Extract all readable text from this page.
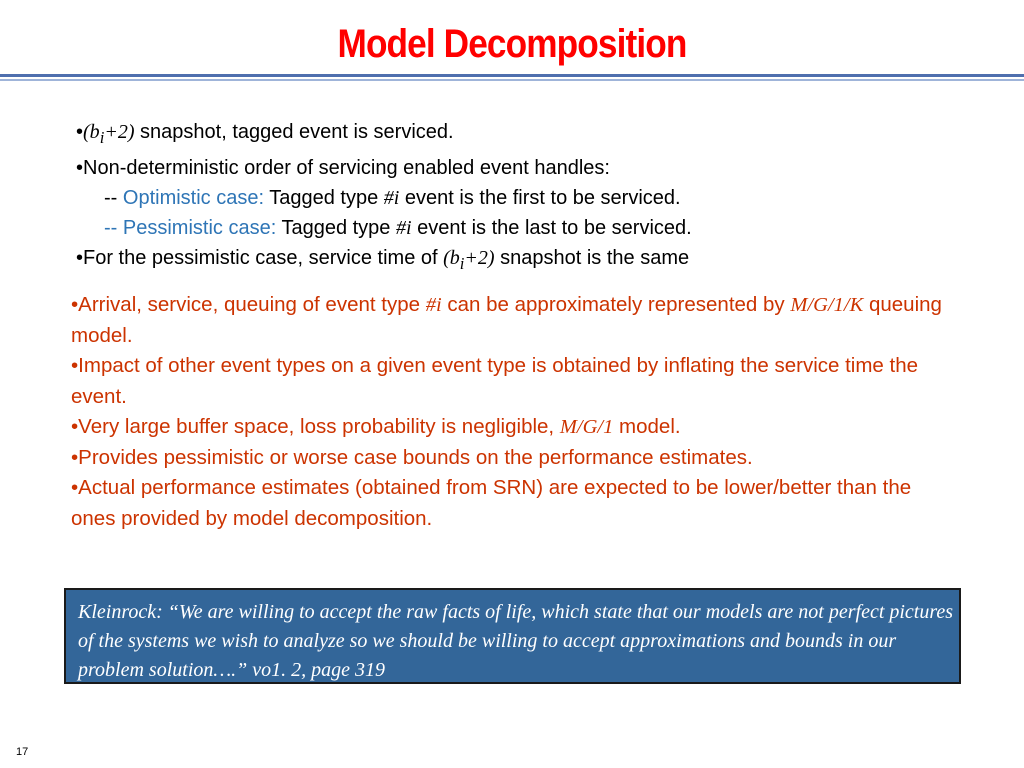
Model Decomposition
$•(b_i+2)$ snapshot, tagged event is serviced.
•Non-deterministic order of servicing enabled event handles:
-- Optimistic case: Tagged type #i event is the first to be serviced.
-- Pessimistic case: Tagged type #i event is the last to be serviced.
•For the pessimistic case, service time of $(b_i+2)$ snapshot is the same
•Arrival, service, queuing of event type #i can be approximately represented by M/G/1/K queuing model.
•Impact of other event types on a given event type is obtained by inflating the service time the event.
•Very large buffer space, loss probability is negligible, M/G/1 model.
•Provides pessimistic or worse case bounds on the performance estimates.
•Actual performance estimates (obtained from SRN) are expected to be lower/better than the ones provided by model decomposition.
Kleinrock: “We are willing to accept the raw facts of life, which state that our models are not perfect pictures of the systems we wish to analyze so we should be willing to accept approximations and bounds in our problem solution….” vo1. 2, page 319
17
